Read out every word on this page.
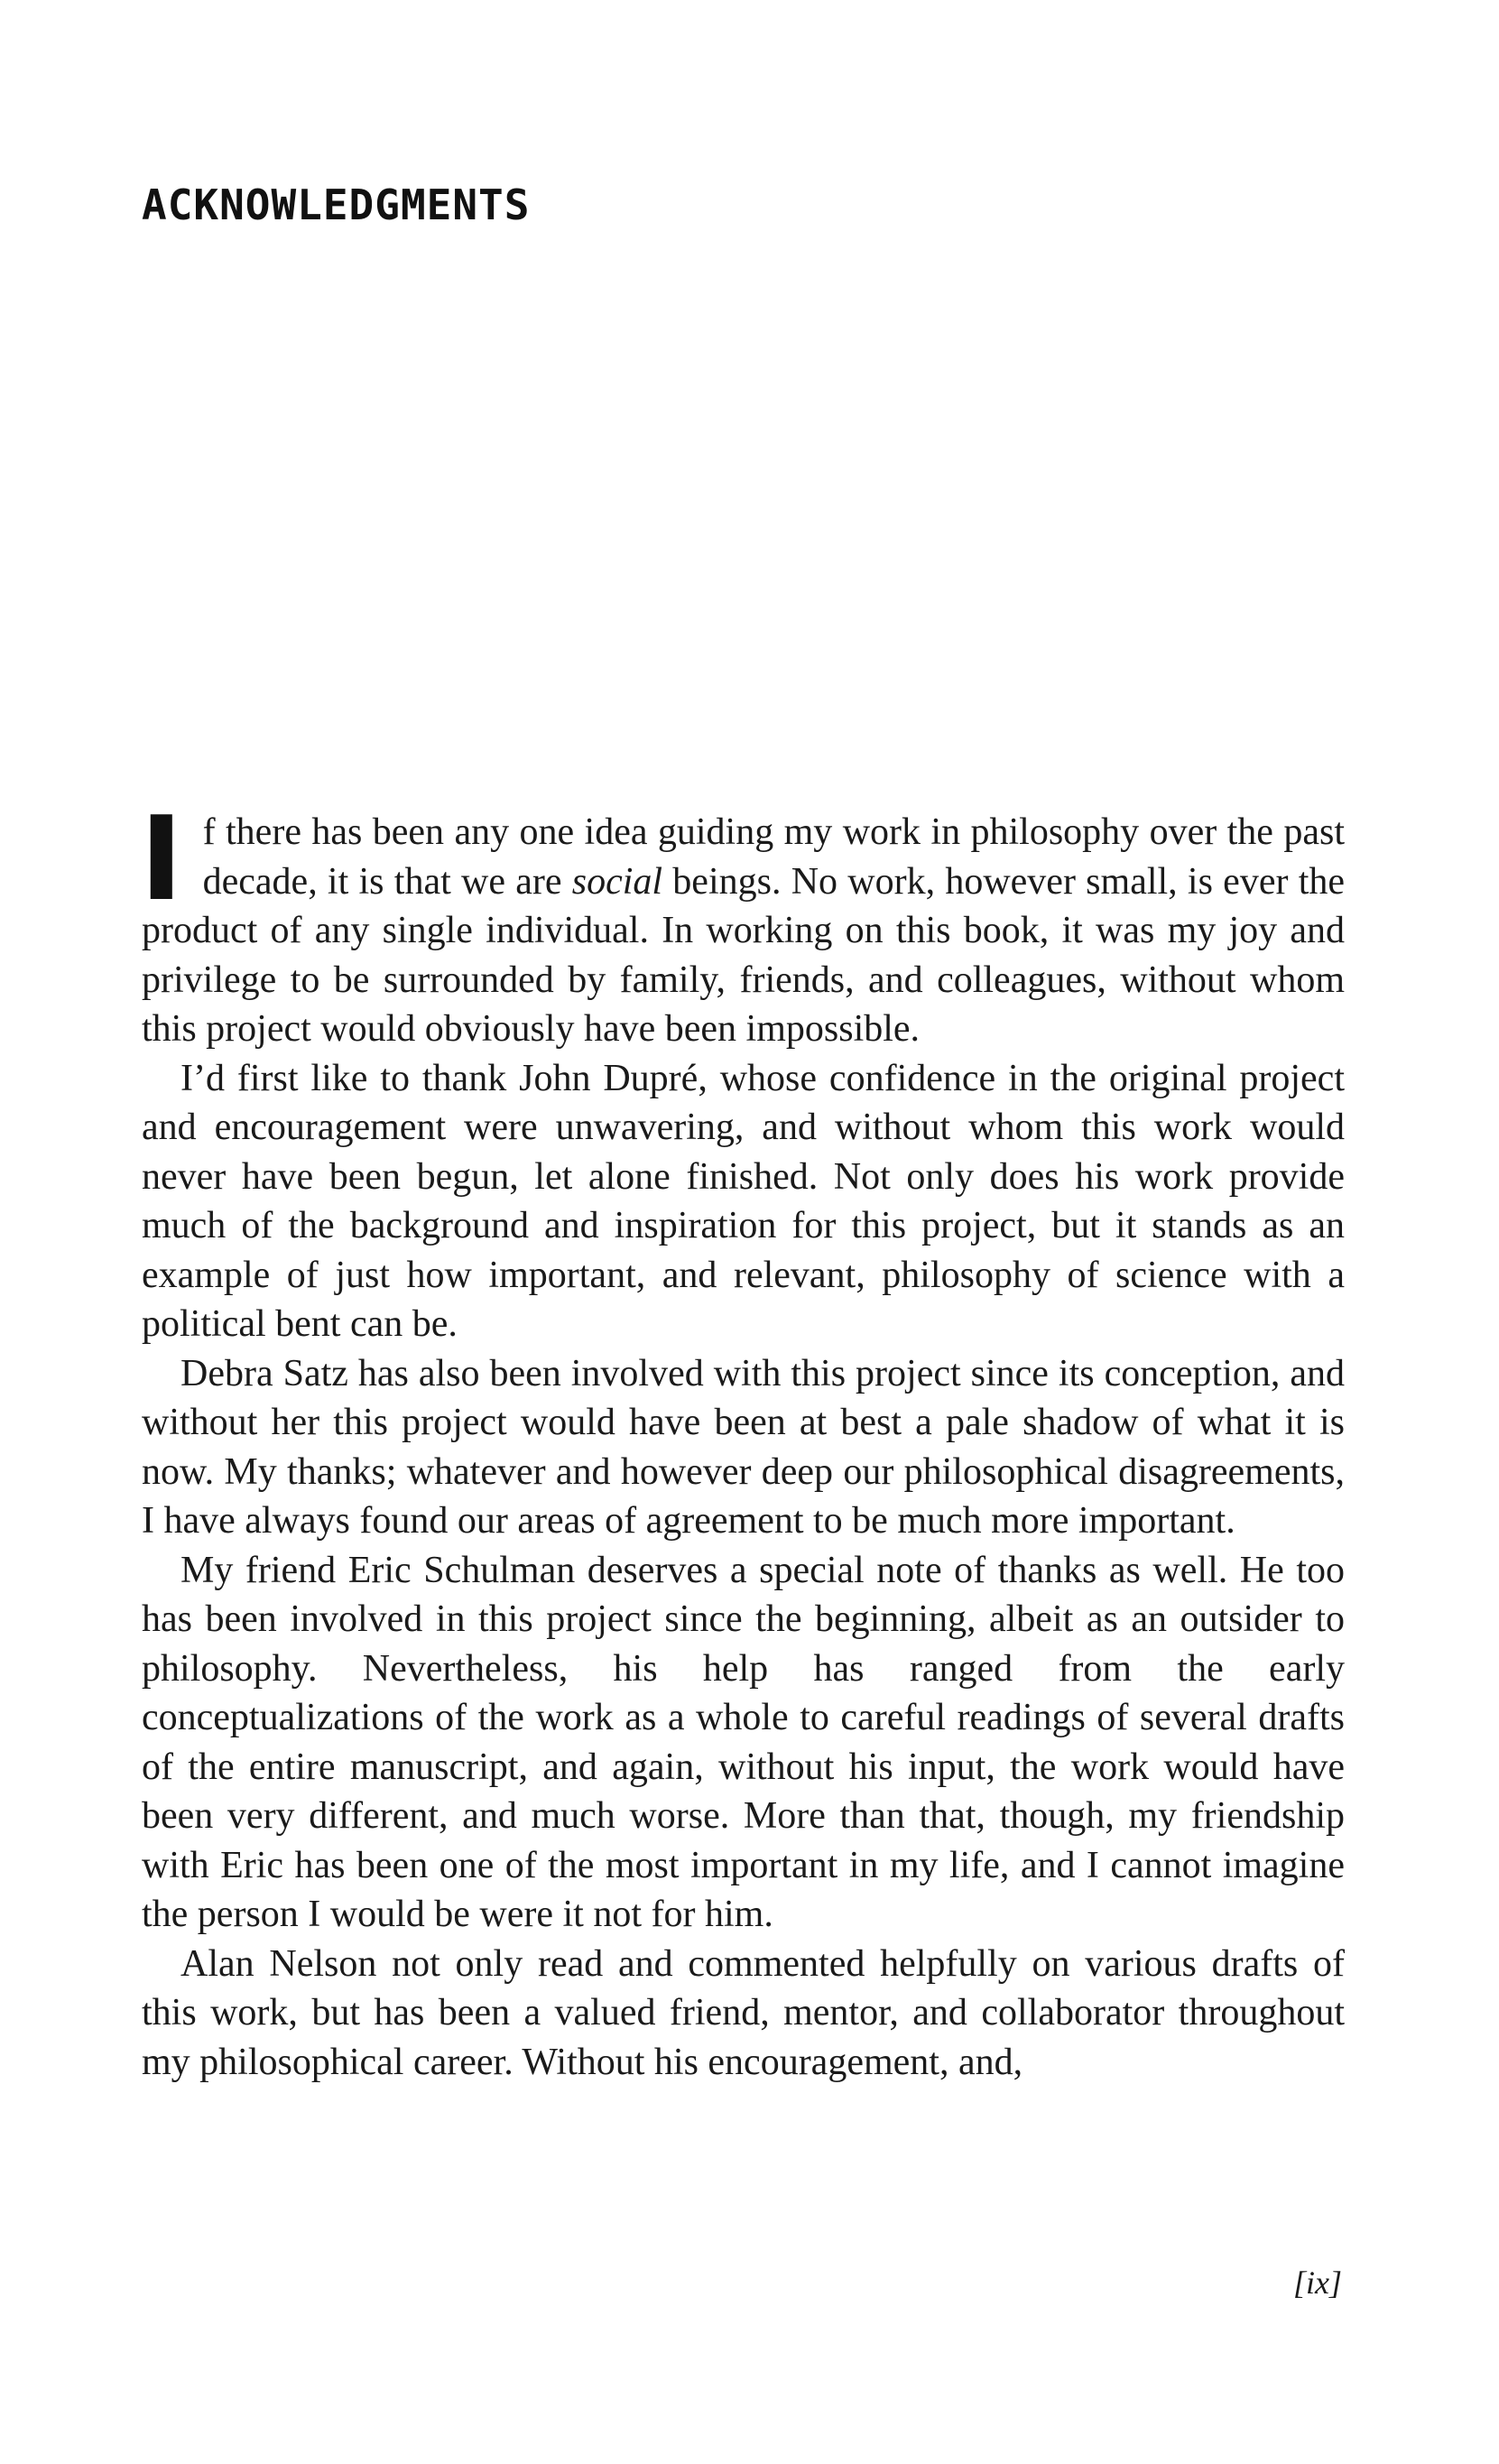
ACKNOWLEDGMENTS

If there has been any one idea guiding my work in philosophy over the past decade, it is that we are social beings. No work, however small, is ever the product of any single individual. In working on this book, it was my joy and privilege to be surrounded by family, friends, and colleagues, without whom this project would obviously have been impossible.

I’d first like to thank John Dupré, whose confidence in the original project and encouragement were unwavering, and without whom this work would never have been begun, let alone finished. Not only does his work provide much of the background and inspiration for this project, but it stands as an example of just how important, and relevant, philosophy of science with a political bent can be.

Debra Satz has also been involved with this project since its conception, and without her this project would have been at best a pale shadow of what it is now. My thanks; whatever and however deep our philosophical disagreements, I have always found our areas of agreement to be much more important.

My friend Eric Schulman deserves a special note of thanks as well. He too has been involved in this project since the beginning, albeit as an outsider to philosophy. Nevertheless, his help has ranged from the early conceptualizations of the work as a whole to careful readings of several drafts of the entire manuscript, and again, without his input, the work would have been very different, and much worse. More than that, though, my friendship with Eric has been one of the most important in my life, and I cannot imagine the person I would be were it not for him.

Alan Nelson not only read and commented helpfully on various drafts of this work, but has been a valued friend, mentor, and collaborator throughout my philosophical career. Without his encouragement, and,

[ix]
